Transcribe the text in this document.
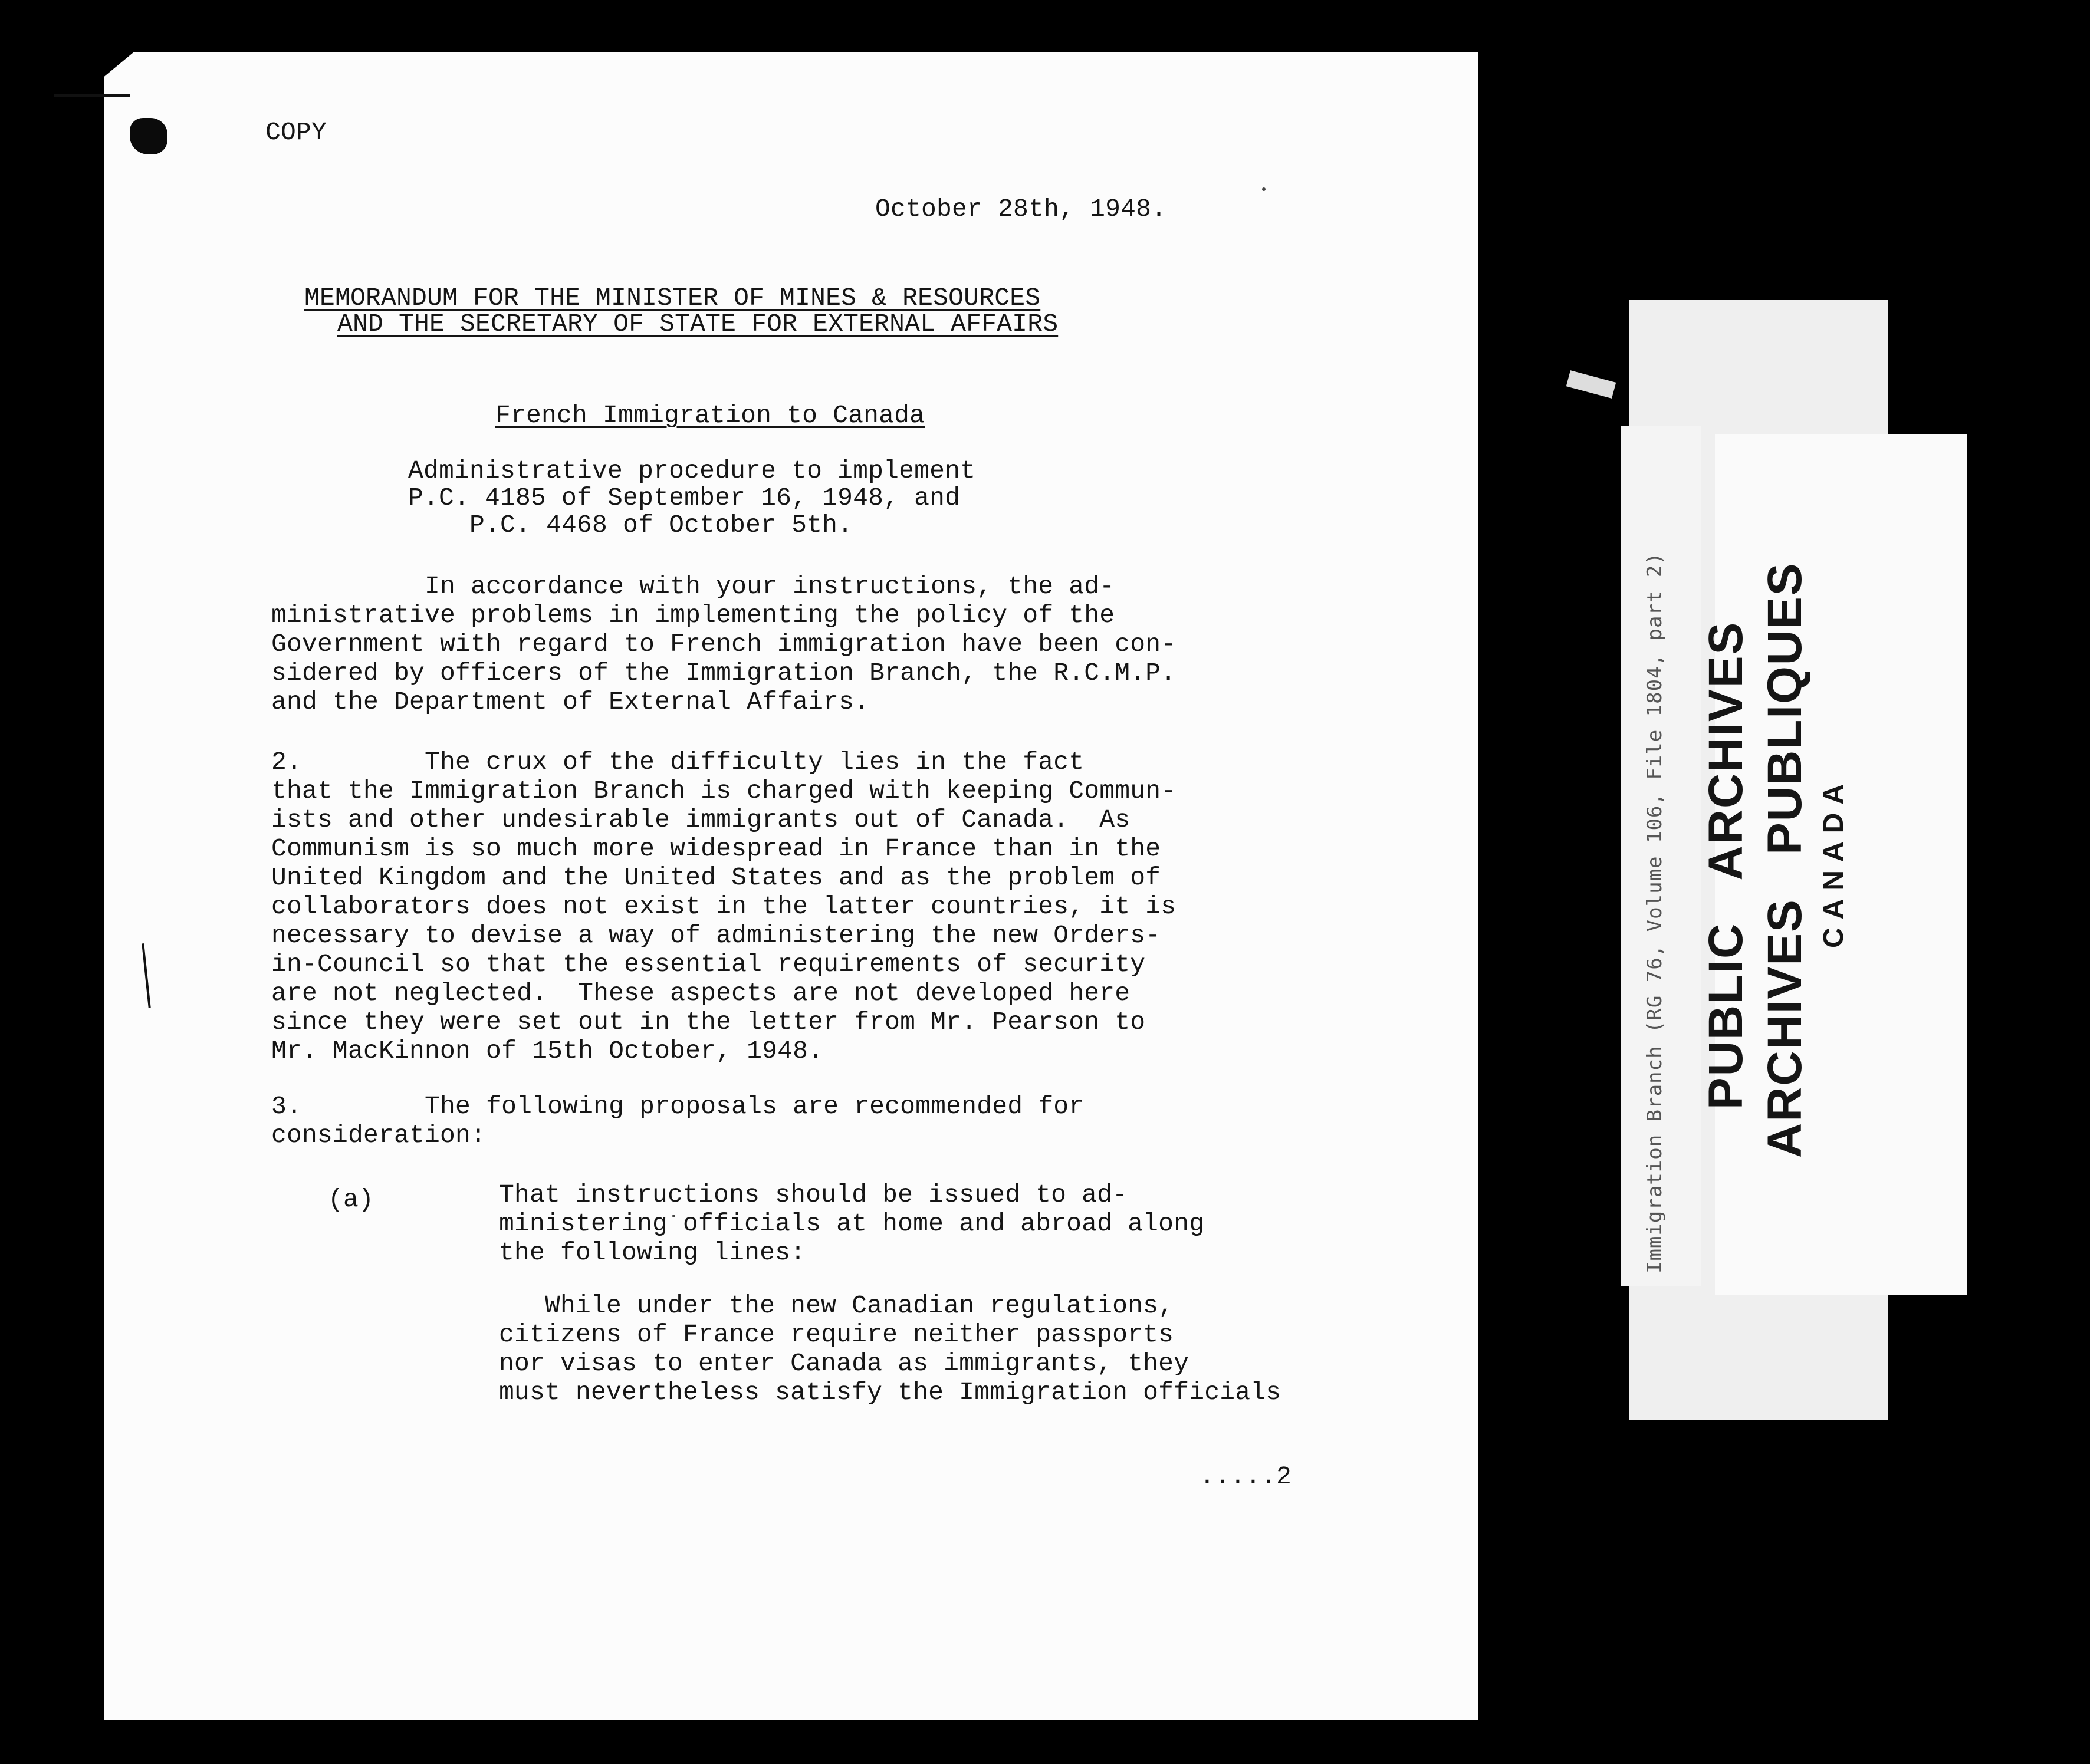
COPY
October 28th, 1948.
MEMORANDUM FOR THE MINISTER OF MINES & RESOURCES
AND THE SECRETARY OF STATE FOR EXTERNAL AFFAIRS
French Immigration to Canada
Administrative procedure to implement
P.C. 4185 of September 16, 1948, and
P.C. 4468 of October 5th.
In accordance with your instructions, the ad-
ministrative problems in implementing the policy of the
Government with regard to French immigration have been con-
sidered by officers of the Immigration Branch, the R.C.M.P.
and the Department of External Affairs.
2.        The crux of the difficulty lies in the fact
that the Immigration Branch is charged with keeping Commun-
ists and other undesirable immigrants out of Canada.  As
Communism is so much more widespread in France than in the
United Kingdom and the United States and as the problem of
collaborators does not exist in the latter countries, it is
necessary to devise a way of administering the new Orders-
in-Council so that the essential requirements of security
are not neglected.  These aspects are not developed here
since they were set out in the letter from Mr. Pearson to
Mr. MacKinnon of 15th October, 1948.
3.        The following proposals are recommended for
consideration:
(a)	That instructions should be issued to ad-
ministering officials at home and abroad along
the following lines:
While under the new Canadian regulations,
citizens of France require neither passports
nor visas to enter Canada as immigrants, they
must nevertheless satisfy the Immigration officials
.....2
Immigration Branch (RG 76, Volume 106, File 1804, part 2) PUBLIC   ARCHIVES ARCHIVES   PUBLIQUES CANADA
